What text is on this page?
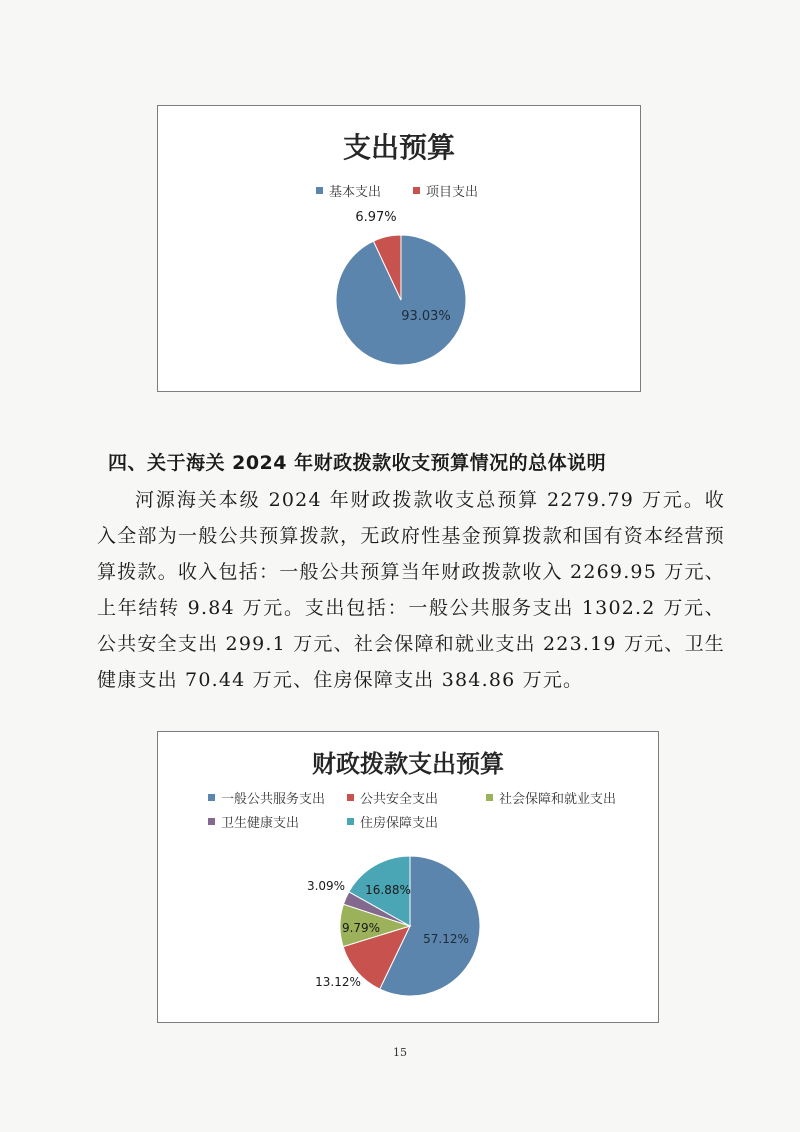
支出预算
基本支出	项目支出
93.03%
6.97%
四、关于海关 2024 年财政拨款收支预算情况的总体说明
河源海关本级 2024 年财政拨款收支总预算 2279.79 万元。收入全部为一般公共预算拨款，无政府性基金预算拨款和国有资本经营预算拨款。收入包括：一般公共预算当年财政拨款收入 2269.95 万元、上年结转 9.84 万元。支出包括：一般公共服务支出 1302.2 万元、公共安全支出 299.1 万元、社会保障和就业支出 223.19 万元、卫生健康支出 70.44 万元、住房保障支出 384.86 万元。
财政拨款支出预算
一般公共服务支出	公共安全支出	社会保障和就业支出
卫生健康支出	住房保障支出
57.12%
13.12%
9.79%
3.09% 16.88%
15
